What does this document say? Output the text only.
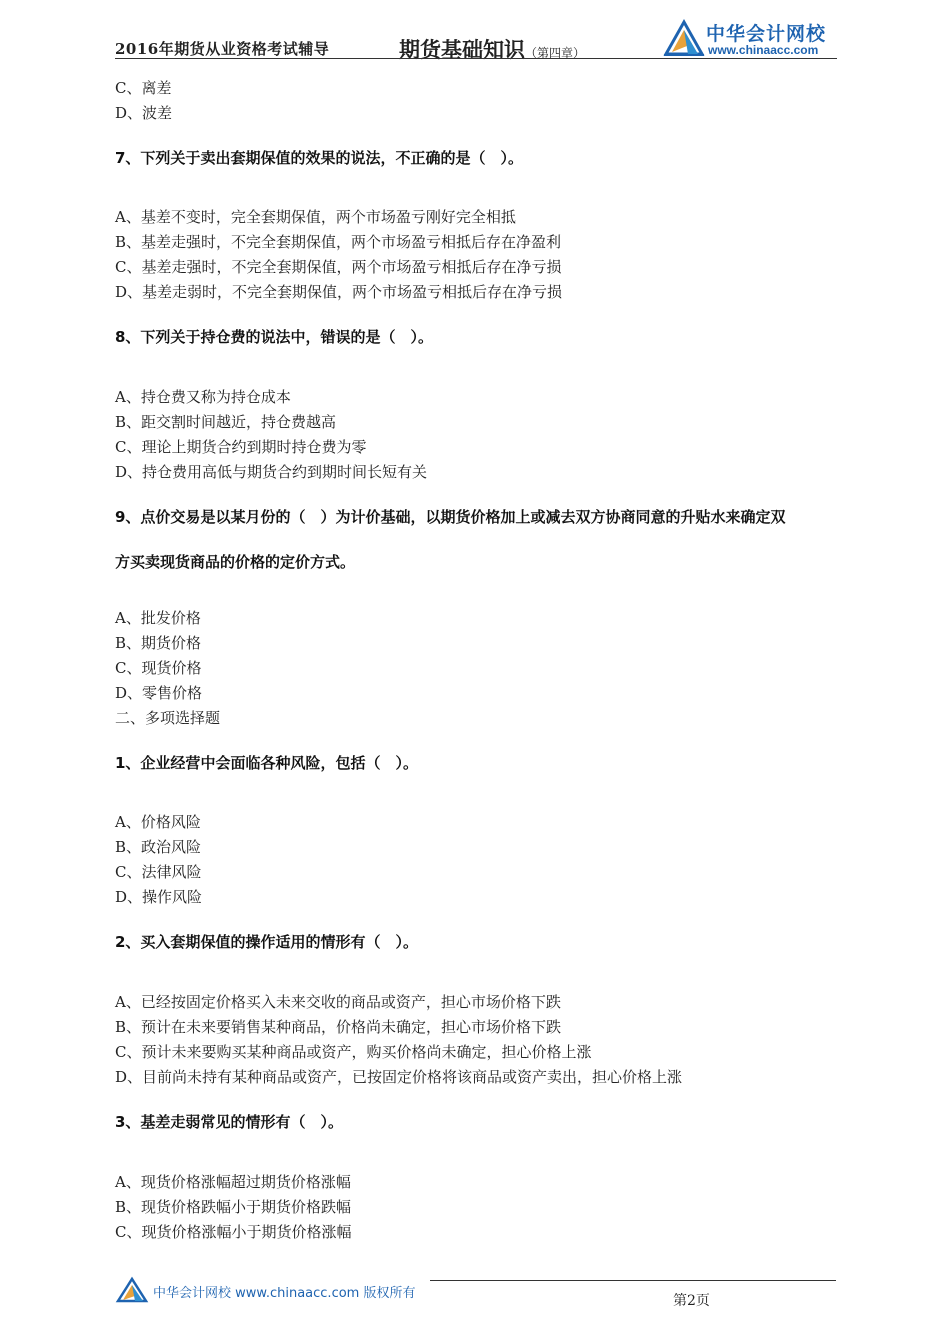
2016年期货从业资格考试辅导	期货基础知识（第四章）
中华会计网校
www.chinaacc.com
C、离差
D、波差
7、下列关于卖出套期保值的效果的说法，不正确的是（　）。
A、基差不变时，完全套期保值，两个市场盈亏刚好完全相抵
B、基差走强时，不完全套期保值，两个市场盈亏相抵后存在净盈利
C、基差走强时，不完全套期保值，两个市场盈亏相抵后存在净亏损
D、基差走弱时，不完全套期保值，两个市场盈亏相抵后存在净亏损
8、下列关于持仓费的说法中，错误的是（　）。
A、持仓费又称为持仓成本
B、距交割时间越近，持仓费越高
C、理论上期货合约到期时持仓费为零
D、持仓费用高低与期货合约到期时间长短有关
9、点价交易是以某月份的（　）为计价基础，以期货价格加上或减去双方协商同意的升贴水来确定双
方买卖现货商品的价格的定价方式。
A、批发价格
B、期货价格
C、现货价格
D、零售价格
二、多项选择题
1、企业经营中会面临各种风险，包括（　）。
A、价格风险
B、政治风险
C、法律风险
D、操作风险
2、买入套期保值的操作适用的情形有（　）。
A、已经按固定价格买入未来交收的商品或资产，担心市场价格下跌
B、预计在未来要销售某种商品，价格尚未确定，担心市场价格下跌
C、预计未来要购买某种商品或资产，购买价格尚未确定，担心价格上涨
D、目前尚未持有某种商品或资产，已按固定价格将该商品或资产卖出，担心价格上涨
3、基差走弱常见的情形有（　）。
A、现货价格涨幅超过期货价格涨幅
B、现货价格跌幅小于期货价格跌幅
C、现货价格涨幅小于期货价格涨幅
中华会计网校 www.chinaacc.com 版权所有	第2页
